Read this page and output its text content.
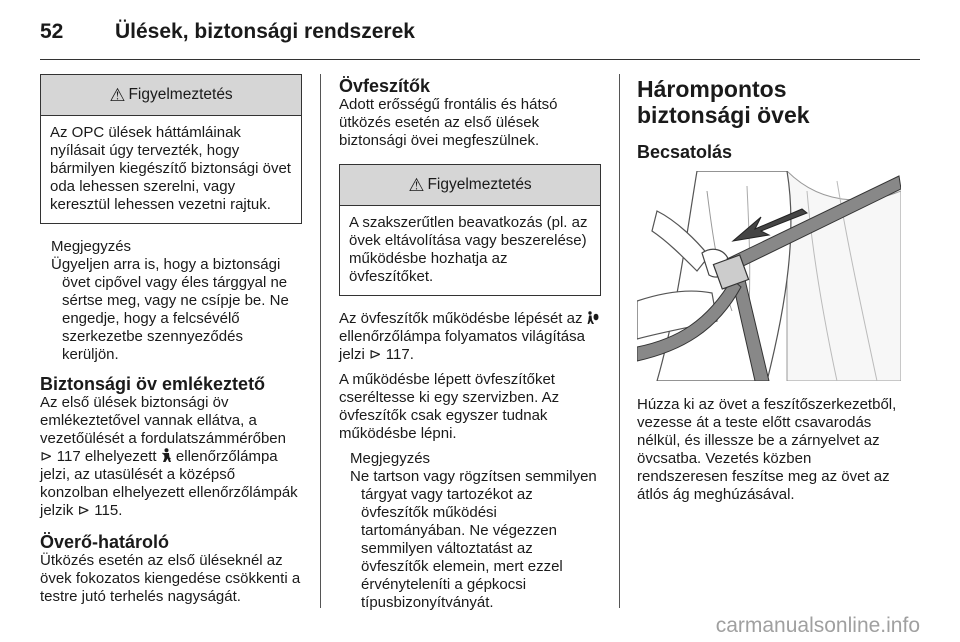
52 Ülések, biztonsági rendszerek
⚠ Figyelmeztetés
Az OPC ülések háttámláinak nyílásait úgy tervezték, hogy bármilyen kiegészítő biztonsági övet oda lehessen szerelni, vagy keresztül lehessen vezetni rajtuk.
Megjegyzés
Ügyeljen arra is, hogy a biztonsági övet cipővel vagy éles tárggyal ne sértse meg, vagy ne csípje be. Ne engedje, hogy a felcsévélő szerkezetbe szennyeződés kerüljön.
Biztonsági öv emlékeztető
Az első ülések biztonsági öv emlékeztetővel vannak ellátva, a vezetőülését a fordulatszámmérőben ⊳ 117 elhelyezett ellenőrzőlámpa jelzi, az utasülését a középső konzolban elhelyezett ellenőrzőlámpák jelzik ⊳ 115.
Överő-határoló
Ütközés esetén az első üléseknél az övek fokozatos kiengedése csökkenti a testre jutó terhelés nagyságát.
Övfeszítők
Adott erősségű frontális és hátsó ütközés esetén az első ülések biztonsági övei megfeszülnek.
⚠ Figyelmeztetés
A szakszerűtlen beavatkozás (pl. az övek eltávolítása vagy beszerelése) működésbe hozhatja az övfeszítőket.
Az övfeszítők működésbe lépését az  ellenőrzőlámpa folyamatos világítása jelzi ⊳ 117.
A működésbe lépett övfeszítőket cseréltesse ki egy szervizben. Az övfeszítők csak egyszer tudnak működésbe lépni.
Megjegyzés
Ne tartson vagy rögzítsen semmilyen tárgyat vagy tartozékot az övfeszítők működési tartományában. Ne végezzen semmilyen változtatást az övfeszítők elemein, mert ezzel érvényteleníti a gépkocsi típusbizonyítványát.
Hárompontos biztonsági övek
Becsatolás
Húzza ki az övet a feszítőszerkezetből, vezesse át a teste előtt csavarodás nélkül, és illessze be a zárnyelvet az övcsatba. Vezetés közben rendszeresen feszítse meg az övet az átlós ág meghúzásával.
carmanualsonline.info
